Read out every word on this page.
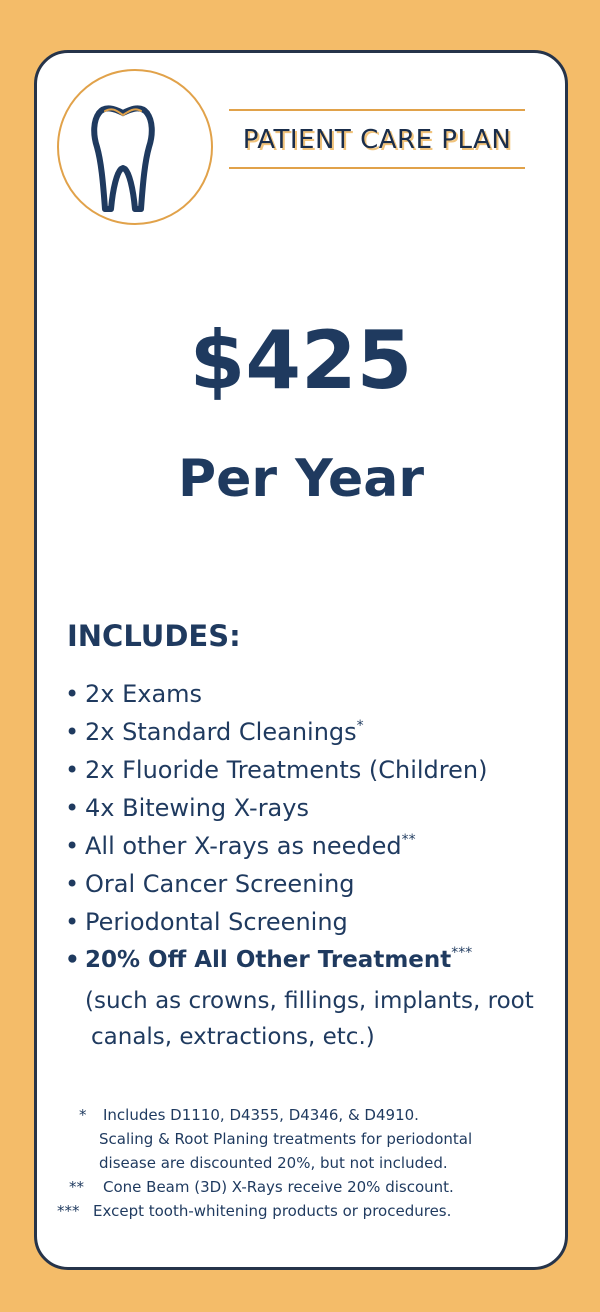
PATIENT CARE PLAN
$425
Per Year
INCLUDES:
• 2x Exams
• 2x Standard Cleanings*
• 2x Fluoride Treatments (Children)
• 4x Bitewing X-rays
• All other X-rays as needed**
• Oral Cancer Screening
• Periodontal Screening
• 20% Off All Other Treatment***
(such as crowns, fillings, implants, root
canals, extractions, etc.)
* Includes D1110, D4355, D4346, & D4910.
Scaling & Root Planing treatments for periodontal
disease are discounted 20%, but not included.
** Cone Beam (3D) X-Rays receive 20% discount.
*** Except tooth-whitening products or procedures.
